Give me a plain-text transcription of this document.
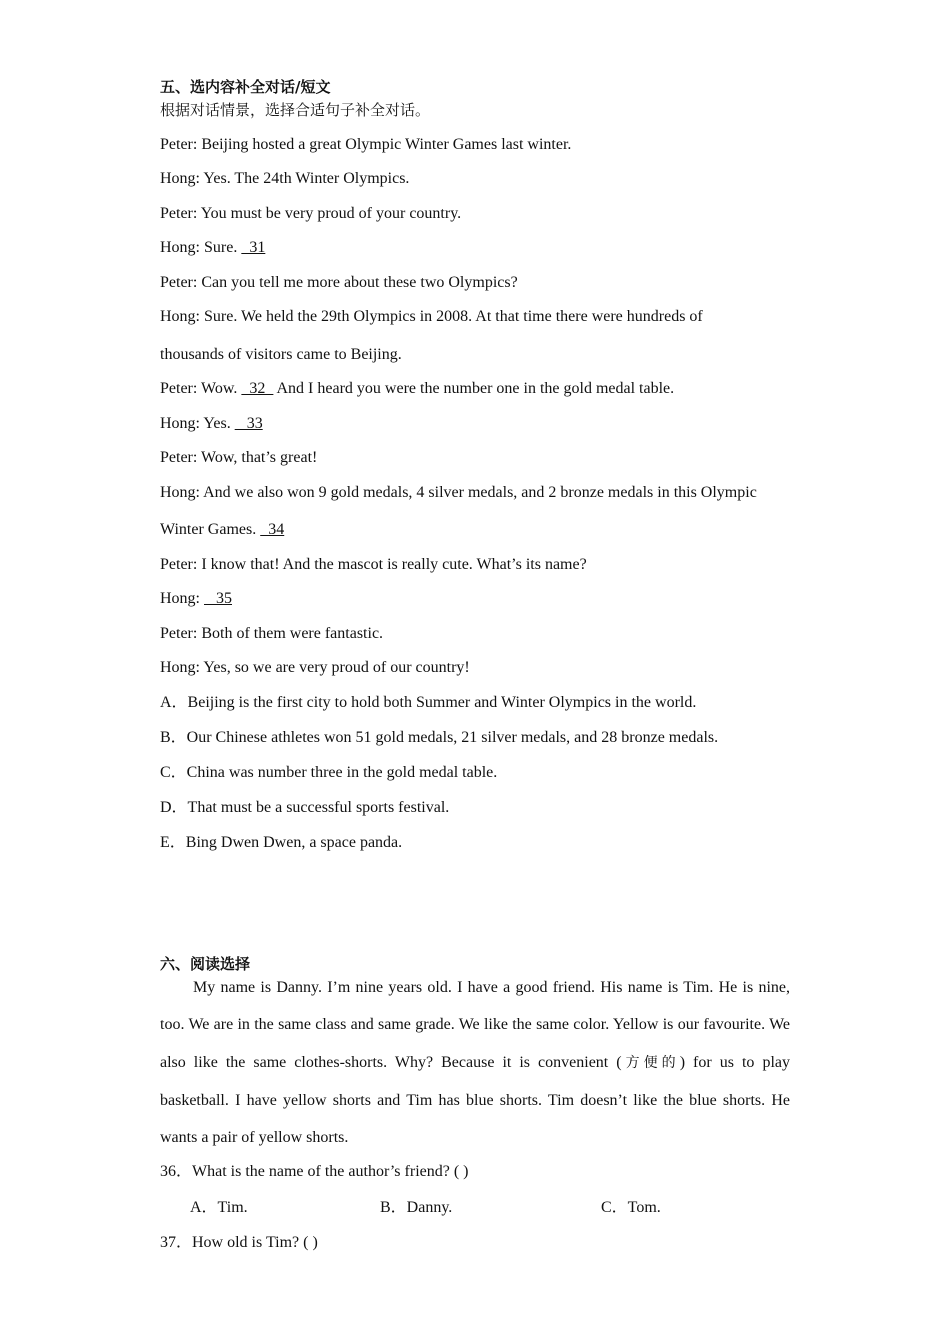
五、选内容补全对话/短文
根据对话情景，选择合适句子补全对话。
Peter: Beijing hosted a great Olympic Winter Games last winter.
Hong: Yes. The 24th Winter Olympics.
Peter: You must be very proud of your country.
Hong: Sure.   31
Peter: Can you tell me more about these two Olympics?
Hong: Sure. We held the 29th Olympics in 2008. At that time there were hundreds of
thousands of visitors came to Beijing.
Peter: Wow.   32   And I heard you were the number one in the gold medal table.
Hong: Yes.    33
Peter: Wow, that’s great!
Hong: And we also won 9 gold medals, 4 silver medals, and 2 bronze medals in this Olympic
Winter Games.   34
Peter: I know that! And the mascot is really cute. What’s its name?
Hong:    35
Peter: Both of them were fantastic.
Hong: Yes, so we are very proud of our country!
A．Beijing is the first city to hold both Summer and Winter Olympics in the world.
B．Our Chinese athletes won 51 gold medals, 21 silver medals, and 28 bronze medals.
C．China was number three in the gold medal table.
D．That must be a successful sports festival.
E．Bing Dwen Dwen, a space panda.
六、阅读选择
My name is Danny. I’m nine years old. I have a good friend. His name is Tim. He is nine, too. We are in the same class and same grade. We like the same color. Yellow is our favourite. We also like the same clothes-shorts. Why? Because it is convenient (方便的) for us to play basketball. I have yellow shorts and Tim has blue shorts. Tim doesn’t like the blue shorts. He wants a pair of yellow shorts.
36．What is the name of the author’s friend? ( )
A．Tim.	B．Danny.	C．Tom.
37．How old is Tim? ( )
